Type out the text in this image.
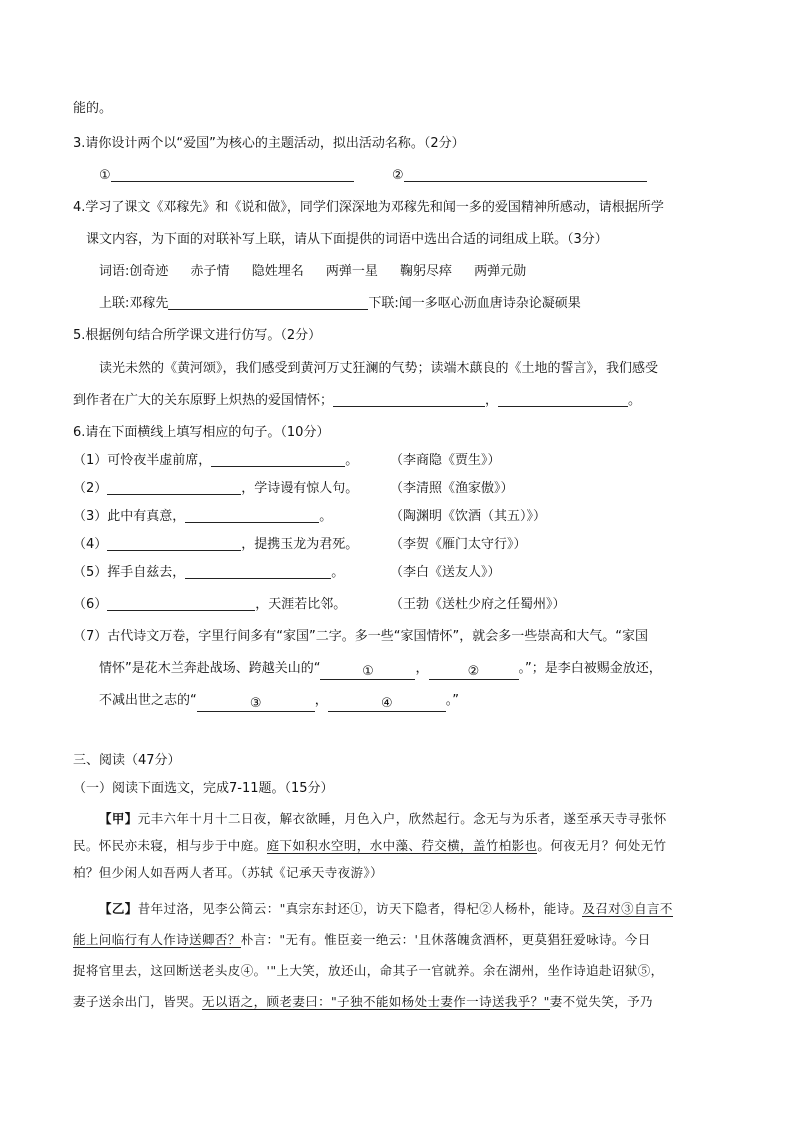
能的。
3.请你设计两个以“爱国”为核心的主题活动，拟出活动名称。（2分）
①	②
4.学习了课文《邓稼先》和《说和做》，同学们深深地为邓稼先和闻一多的爱国精神所感动，请根据所学
课文内容，为下面的对联补写上联，请从下面提供的词语中选出合适的词组成上联。（3分）
词语:创奇迹 赤子情 隐姓埋名 两弹一星 鞠躬尽瘁 两弹元勋
上联:邓稼先	下联:闻一多呕心沥血唐诗杂论凝硕果
5.根据例句结合所学课文进行仿写。（2分）
读光未然的《黄河颂》，我们感受到黄河万丈狂澜的气势；读端木蕻良的《土地的誓言》，我们感受
到作者在广大的关东原野上炽热的爱国情怀；	，	。
6.请在下面横线上填写相应的句子。（10分）
（1）可怜夜半虚前席，	。 （李商隐《贾生》）
（2）	，学诗谩有惊人句。 （李清照《渔家傲》）
（3）此中有真意，	。	（陶渊明《饮酒（其五）》）
（4）	，提携玉龙为君死。 （李贺《雁门太守行》）
（5）挥手自兹去，	。	（李白《送友人》）
（6）	，天涯若比邻。	（王勃《送杜少府之任蜀州》）
（7）古代诗文万卷，字里行间多有“家国”二字。多一些“家国情怀”，就会多一些崇高和大气。“家国
情怀”是花木兰奔赴战场、跨越关山的“	①	，	②	。”；是李白被赐金放还，
不减出世之志的“	③	，	④	。”
三、阅读（47分）
（一）阅读下面选文，完成7-11题。（15分）
【甲】元丰六年十月十二日夜，解衣欲睡，月色入户，欣然起行。念无与为乐者，遂至承天寺寻张怀
民。怀民亦未寝，相与步于中庭。庭下如积水空明，水中藻、荇交横，盖竹柏影也。何夜无月？何处无竹
柏？但少闲人如吾两人者耳。（苏轼《记承天寺夜游》）
【乙】昔年过洛，见李公简云："真宗东封还①，访天下隐者，得杞②人杨朴，能诗。及召对③自言不
能上问临行有人作诗送卿否？朴言："无有。惟臣妾一绝云：'且休落魄贪酒杯，更莫猖狂爱咏诗。今日
捉将官里去，这回断送老头皮④。'"上大笑，放还山，命其子一官就养。余在湖州，坐作诗追赴诏狱⑤，
妻子送余出门，皆哭。无以语之，顾老妻曰："子独不能如杨处士妻作一诗送我乎？"妻不觉失笑，予乃
